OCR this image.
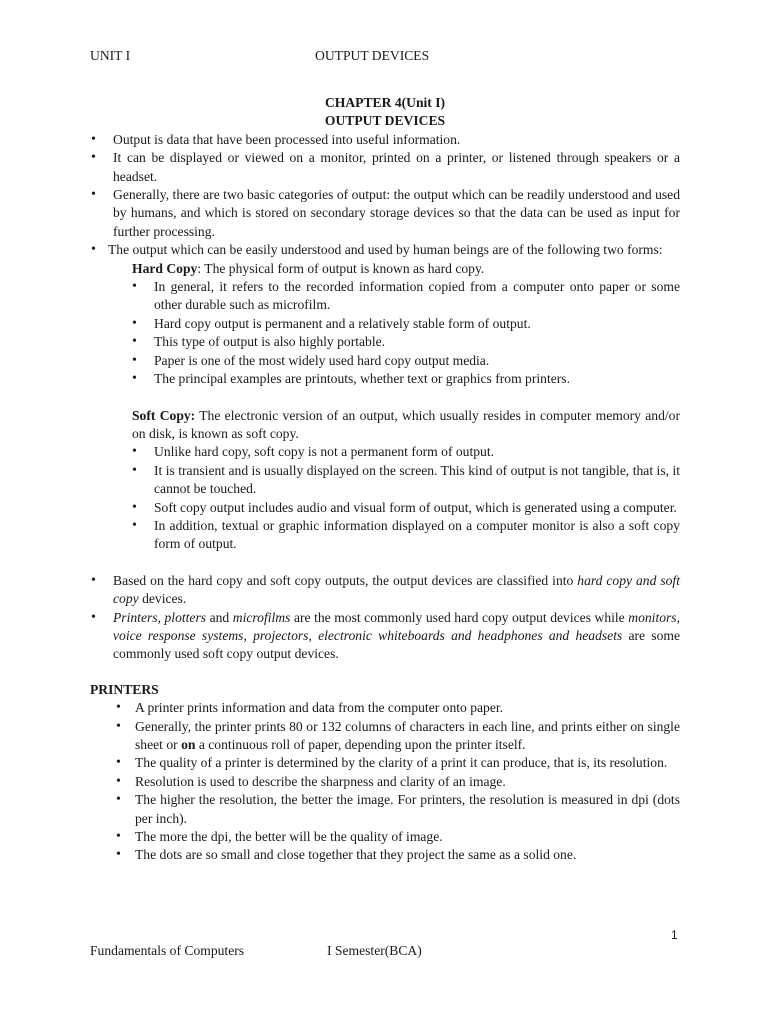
UNIT I	OUTPUT DEVICES
CHAPTER 4(Unit I)
OUTPUT DEVICES
• Output is data that have been processed into useful information.
• It can be displayed or viewed on a monitor, printed on a printer, or listened through speakers or a headset.
• Generally, there are two basic categories of output: the output which can be readily understood and used by humans, and which is stored on secondary storage devices so that the data can be used as input for further processing.
• The output which can be easily understood and used by human beings are of the following two forms:
Hard Copy: The physical form of output is known as hard copy.
• In general, it refers to the recorded information copied from a computer onto paper or some other durable such as microfilm.
• Hard copy output is permanent and a relatively stable form of output.
• This type of output is also highly portable.
• Paper is one of the most widely used hard copy output media.
• The principal examples are printouts, whether text or graphics from printers.
Soft Copy: The electronic version of an output, which usually resides in computer memory and/or on disk, is known as soft copy.
• Unlike hard copy, soft copy is not a permanent form of output.
• It is transient and is usually displayed on the screen. This kind of output is not tangible, that is, it cannot be touched.
• Soft copy output includes audio and visual form of output, which is generated using a computer.
• In addition, textual or graphic information displayed on a computer monitor is also a soft copy form of output.
• Based on the hard copy and soft copy outputs, the output devices are classified into hard copy and soft copy devices.
• Printers, plotters and microfilms are the most commonly used hard copy output devices while monitors, voice response systems, projectors, electronic whiteboards and headphones and headsets are some commonly used soft copy output devices.
PRINTERS
• A printer prints information and data from the computer onto paper.
• Generally, the printer prints 80 or 132 columns of characters in each line, and prints either on single sheet or on a continuous roll of paper, depending upon the printer itself.
• The quality of a printer is determined by the clarity of a print it can produce, that is, its resolution.
• Resolution is used to describe the sharpness and clarity of an image.
• The higher the resolution, the better the image. For printers, the resolution is measured in dpi (dots per inch).
• The more the dpi, the better will be the quality of image.
• The dots are so small and close together that they project the same as a solid one.
1
Fundamentals of Computers	I Semester(BCA)
